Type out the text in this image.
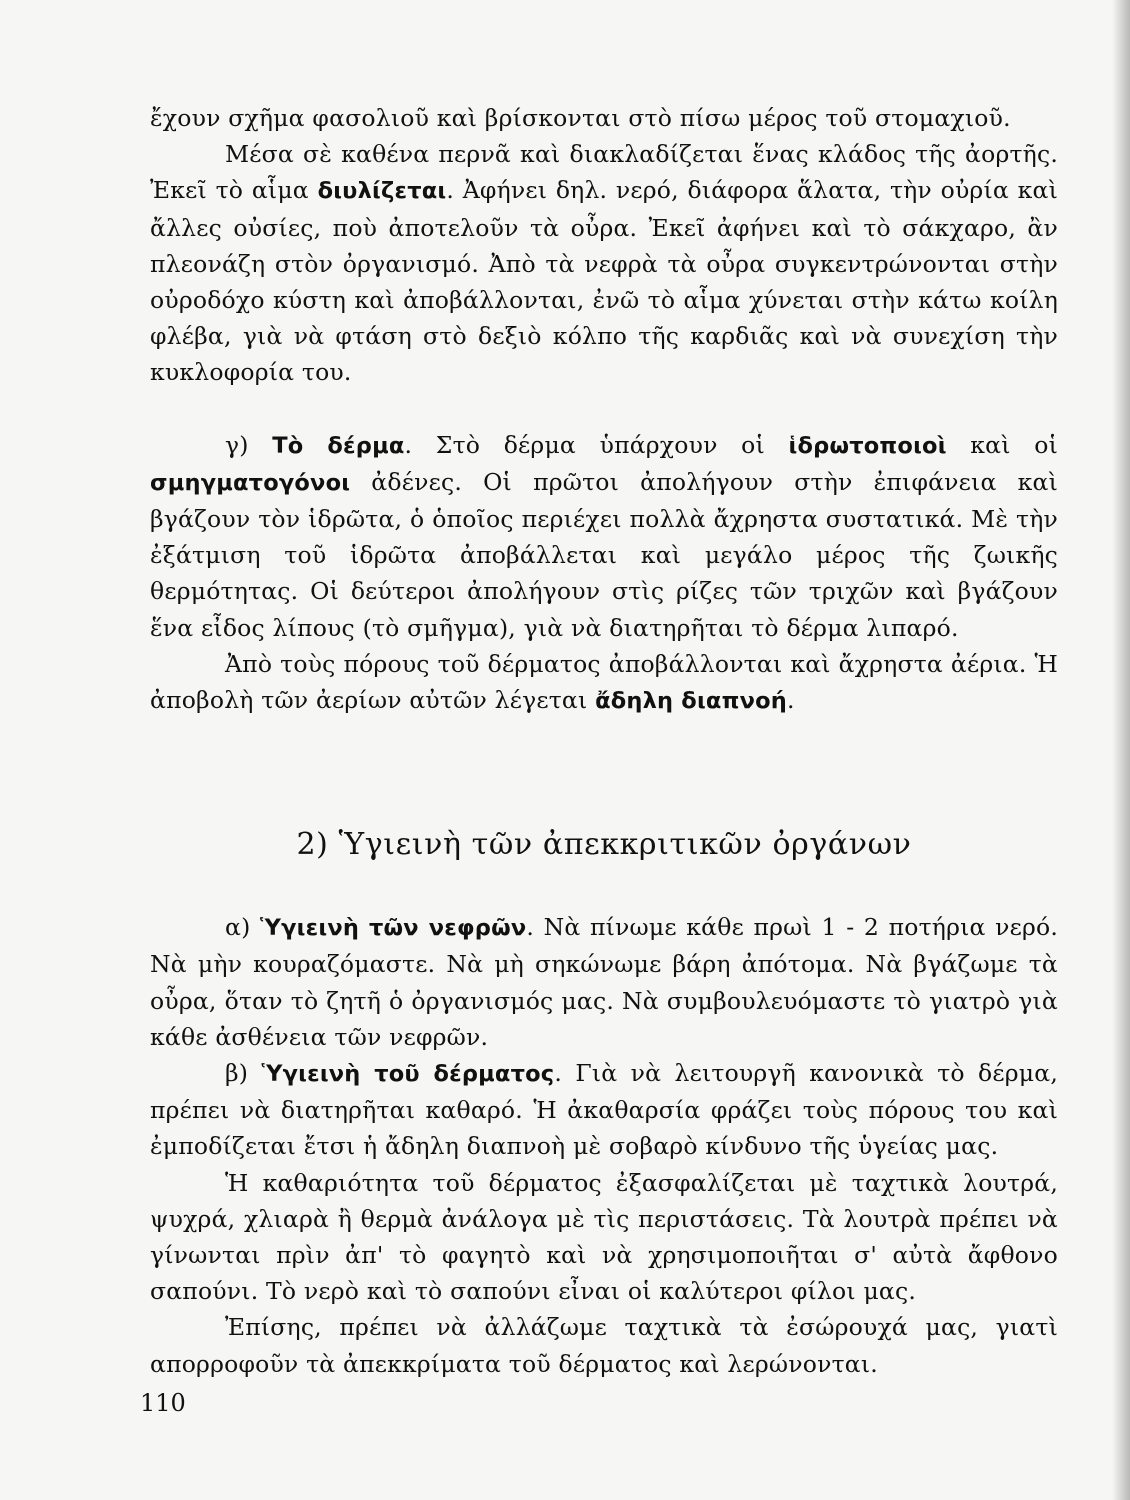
ἔχουν σχῆμα φασολιοῦ καὶ βρίσκονται στὸ πίσω μέρος τοῦ στομαχιοῦ.

Μέσα σὲ καθένα περνᾶ καὶ διακλαδίζεται ἕνας κλάδος τῆς ἀορτῆς. Ἐκεῖ τὸ αἷμα διυλίζεται. Ἀφήνει δηλ. νερό, διάφορα ἅλατα, τὴν οὐρία καὶ ἄλλες οὐσίες, ποὺ ἀποτελοῦν τὰ οὖρα. Ἐκεῖ ἀφήνει καὶ τὸ σάκχαρο, ἂν πλεονάζη στὸν ὀργανισμό. Ἀπὸ τὰ νεφρὰ τὰ οὖρα συγκεντρώνονται στὴν οὐροδόχο κύστη καὶ ἀποβάλλονται, ἐνῶ τὸ αἷμα χύνεται στὴν κάτω κοίλη φλέβα, γιὰ νὰ φτάση στὸ δεξιὸ κόλπο τῆς καρδιᾶς καὶ νὰ συνεχίση τὴν κυκλοφορία του.

γ) Τὸ δέρμα. Στὸ δέρμα ὑπάρχουν οἱ ἱδρωτοποιοὶ καὶ οἱ σμηγματογόνοι ἀδένες. Οἱ πρῶτοι ἀπολήγουν στὴν ἐπιφάνεια καὶ βγάζουν τὸν ἱδρῶτα, ὁ ὁποῖος περιέχει πολλὰ ἄχρηστα συστατικά. Μὲ τὴν ἐξάτμιση τοῦ ἱδρῶτα ἀποβάλλεται καὶ μεγάλο μέρος τῆς ζωικῆς θερμότητας. Οἱ δεύτεροι ἀπολήγουν στὶς ρίζες τῶν τριχῶν καὶ βγάζουν ἕνα εἶδος λίπους (τὸ σμῆγμα), γιὰ νὰ διατηρῆται τὸ δέρμα λιπαρό.

Ἀπὸ τοὺς πόρους τοῦ δέρματος ἀποβάλλονται καὶ ἄχρηστα ἀέρια. Ἡ ἀποβολὴ τῶν ἀερίων αὐτῶν λέγεται ἄδηλη διαπνοή.

2) Ὑγιεινὴ τῶν ἀπεκκριτικῶν ὀργάνων

α) Ὑγιεινὴ τῶν νεφρῶν. Νὰ πίνωμε κάθε πρωὶ 1 - 2 ποτήρια νερό. Νὰ μὴν κουραζόμαστε. Νὰ μὴ σηκώνωμε βάρη ἀπότομα. Νὰ βγάζωμε τὰ οὖρα, ὅταν τὸ ζητῆ ὁ ὀργανισμός μας. Νὰ συμβουλευόμαστε τὸ γιατρὸ γιὰ κάθε ἀσθένεια τῶν νεφρῶν.

β) Ὑγιεινὴ τοῦ δέρματος. Γιὰ νὰ λειτουργῆ κανονικὰ τὸ δέρμα, πρέπει νὰ διατηρῆται καθαρό. Ἡ ἀκαθαρσία φράζει τοὺς πόρους του καὶ ἐμποδίζεται ἔτσι ἡ ἄδηλη διαπνοὴ μὲ σοβαρὸ κίνδυνο τῆς ὑγείας μας.

Ἡ καθαριότητα τοῦ δέρματος ἐξασφαλίζεται μὲ ταχτικὰ λουτρά, ψυχρά, χλιαρὰ ἢ θερμὰ ἀνάλογα μὲ τὶς περιστάσεις. Τὰ λουτρὰ πρέπει νὰ γίνωνται πρὶν ἀπ' τὸ φαγητὸ καὶ νὰ χρησιμοποιῆται σ' αὐτὰ ἄφθονο σαπούνι. Τὸ νερὸ καὶ τὸ σαπούνι εἶναι οἱ καλύτεροι φίλοι μας.

Ἐπίσης, πρέπει νὰ ἀλλάζωμε ταχτικὰ τὰ ἐσώρουχά μας, γιατὶ απορροφοῦν τὰ ἀπεκκρίματα τοῦ δέρματος καὶ λερώνονται.

110
